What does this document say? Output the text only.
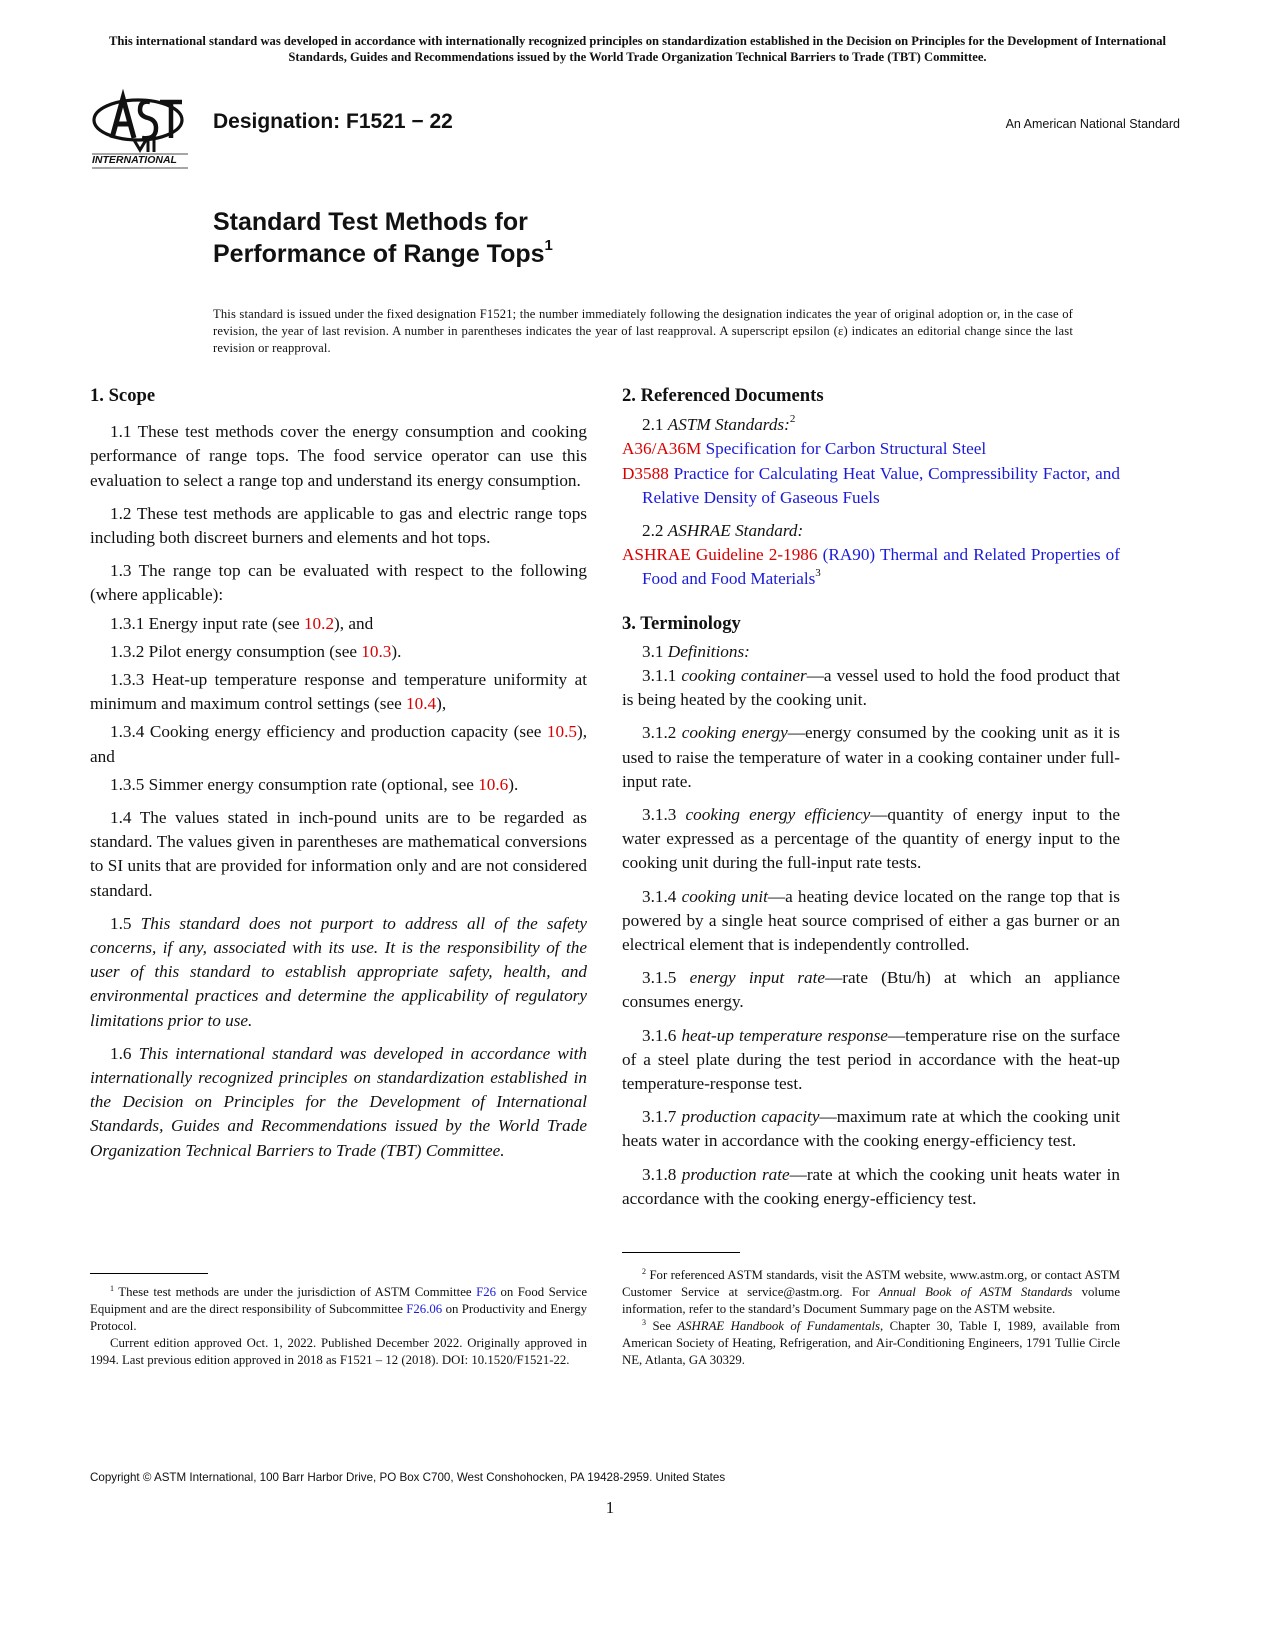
This international standard was developed in accordance with internationally recognized principles on standardization established in the Decision on Principles for the Development of International Standards, Guides and Recommendations issued by the World Trade Organization Technical Barriers to Trade (TBT) Committee.
INTERNATIONAL
Designation: F1521 − 22	An American National Standard
Standard Test Methods for
Performance of Range Tops$^1$
This standard is issued under the fixed designation F1521; the number immediately following the designation indicates the year of original adoption or, in the case of revision, the year of last revision. A number in parentheses indicates the year of last reapproval. A superscript epsilon (ε) indicates an editorial change since the last revision or reapproval.
1. Scope

1.1 These test methods cover the energy consumption and cooking performance of range tops. The food service operator can use this evaluation to select a range top and understand its energy consumption.

1.2 These test methods are applicable to gas and electric range tops including both discreet burners and elements and hot tops.

1.3 The range top can be evaluated with respect to the following (where applicable):

1.3.1 Energy input rate (see 10.2), and

1.3.2 Pilot energy consumption (see 10.3).

1.3.3 Heat-up temperature response and temperature uniformity at minimum and maximum control settings (see 10.4),

1.3.4 Cooking energy efficiency and production capacity (see 10.5), and

1.3.5 Simmer energy consumption rate (optional, see 10.6).

1.4 The values stated in inch-pound units are to be regarded as standard. The values given in parentheses are mathematical conversions to SI units that are provided for information only and are not considered standard.

1.5 This standard does not purport to address all of the safety concerns, if any, associated with its use. It is the responsibility of the user of this standard to establish appropriate safety, health, and environmental practices and determine the applicability of regulatory limitations prior to use.

1.6 This international standard was developed in accordance with internationally recognized principles on standardization established in the Decision on Principles for the Development of International Standards, Guides and Recommendations issued by the World Trade Organization Technical Barriers to Trade (TBT) Committee.

2. Referenced Documents

2.1 ASTM Standards:$^2$

A36/A36M Specification for Carbon Structural Steel

D3588 Practice for Calculating Heat Value, Compressibility Factor, and Relative Density of Gaseous Fuels

2.2 ASHRAE Standard:

ASHRAE Guideline 2-1986 (RA90) Thermal and Related Properties of Food and Food Materials$^3$

3. Terminology

3.1 Definitions:

3.1.1 cooking container—a vessel used to hold the food product that is being heated by the cooking unit.

3.1.2 cooking energy—energy consumed by the cooking unit as it is used to raise the temperature of water in a cooking container under full-input rate.

3.1.3 cooking energy efficiency—quantity of energy input to the water expressed as a percentage of the quantity of energy input to the cooking unit during the full-input rate tests.

3.1.4 cooking unit—a heating device located on the range top that is powered by a single heat source comprised of either a gas burner or an electrical element that is independently controlled.

3.1.5 energy input rate—rate (Btu/h) at which an appliance consumes energy.

3.1.6 heat-up temperature response—temperature rise on the surface of a steel plate during the test period in accordance with the heat-up temperature-response test.

3.1.7 production capacity—maximum rate at which the cooking unit heats water in accordance with the cooking energy-efficiency test.

3.1.8 production rate—rate at which the cooking unit heats water in accordance with the cooking energy-efficiency test.

$^1$ These test methods are under the jurisdiction of ASTM Committee F26 on Food Service Equipment and are the direct responsibility of Subcommittee F26.06 on Productivity and Energy Protocol.

Current edition approved Oct. 1, 2022. Published December 2022. Originally approved in 1994. Last previous edition approved in 2018 as F1521 – 12 (2018). DOI: 10.1520/F1521-22.

$^2$ For referenced ASTM standards, visit the ASTM website, www.astm.org, or contact ASTM Customer Service at service@astm.org. For Annual Book of ASTM Standards volume information, refer to the standard’s Document Summary page on the ASTM website.

$^3$ See ASHRAE Handbook of Fundamentals, Chapter 30, Table I, 1989, available from American Society of Heating, Refrigeration, and Air-Conditioning Engineers, 1791 Tullie Circle NE, Atlanta, GA 30329.

Copyright © ASTM International, 100 Barr Harbor Drive, PO Box C700, West Conshohocken, PA 19428-2959. United States
1
